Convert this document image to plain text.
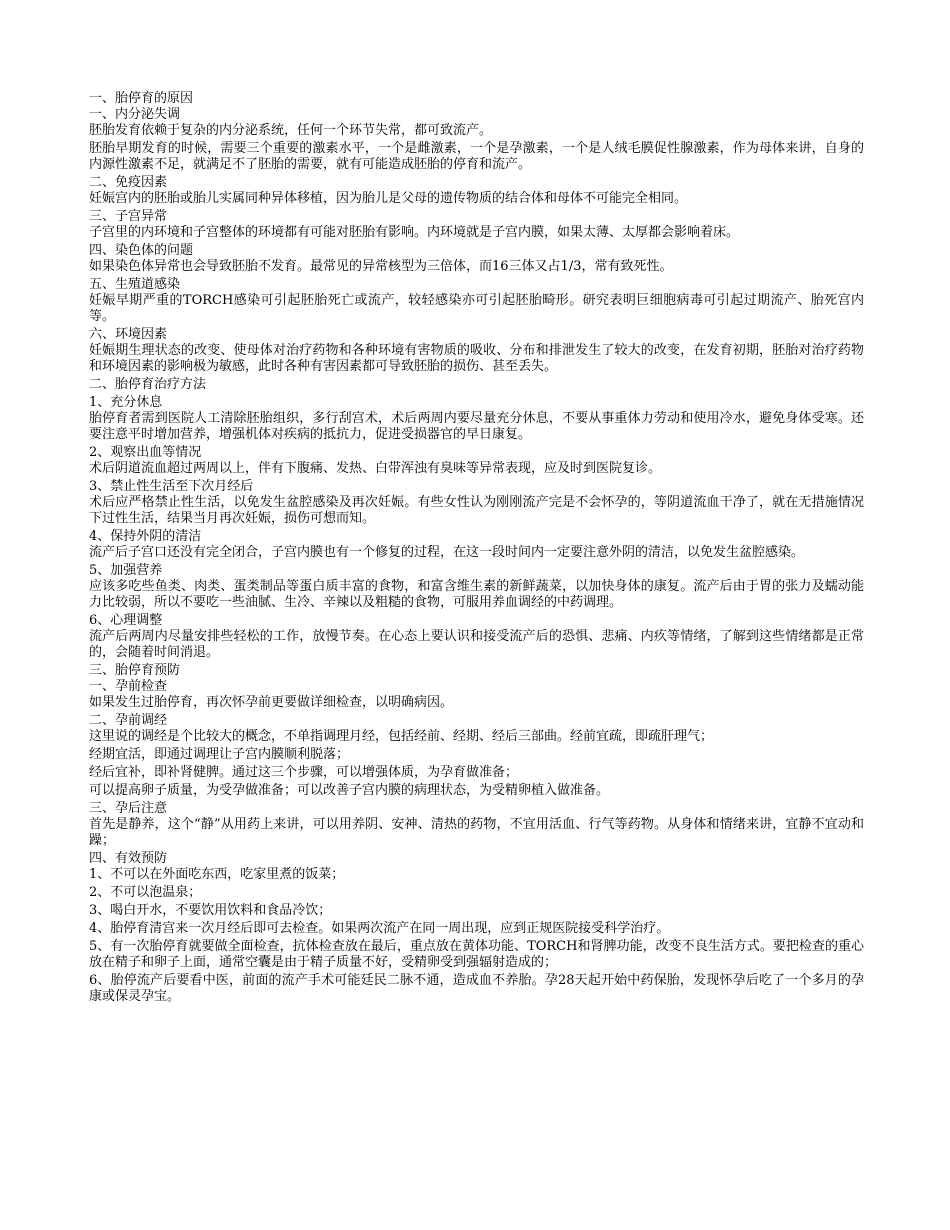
一、胎停育的原因
一、内分泌失调
胚胎发育依赖于复杂的内分泌系统，任何一个环节失常，都可致流产。
胚胎早期发育的时候，需要三个重要的激素水平，一个是雌激素，一个是孕激素，一个是人绒毛膜促性腺激素，作为母体来讲，自身的内源性激素不足，就满足不了胚胎的需要，就有可能造成胚胎的停育和流产。
二、免疫因素
妊娠宫内的胚胎或胎儿实属同种异体移植，因为胎儿是父母的遗传物质的结合体和母体不可能完全相同。
三、子宫异常
子宫里的内环境和子宫整体的环境都有可能对胚胎有影响。内环境就是子宫内膜，如果太薄、太厚都会影响着床。
四、染色体的问题
如果染色体异常也会导致胚胎不发育。最常见的异常核型为三倍体，而16三体又占1/3，常有致死性。
五、生殖道感染
妊娠早期严重的TORCH感染可引起胚胎死亡或流产，较轻感染亦可引起胚胎畸形。研究表明巨细胞病毒可引起过期流产、胎死宫内等。
六、环境因素
妊娠期生理状态的改变、使母体对治疗药物和各种环境有害物质的吸收、分布和排泄发生了较大的改变，在发育初期，胚胎对治疗药物和环境因素的影响极为敏感，此时各种有害因素都可导致胚胎的损伤、甚至丢失。
二、胎停育治疗方法
1、充分休息
胎停育者需到医院人工清除胚胎组织，多行刮宫术，术后两周内要尽量充分休息，不要从事重体力劳动和使用冷水，避免身体受寒。还要注意平时增加营养，增强机体对疾病的抵抗力，促进受损器官的早日康复。
2、观察出血等情况
术后阴道流血超过两周以上，伴有下腹痛、发热、白带浑浊有臭味等异常表现，应及时到医院复诊。
3、禁止性生活至下次月经后
术后应严格禁止性生活，以免发生盆腔感染及再次妊娠。有些女性认为刚刚流产完是不会怀孕的，等阴道流血干净了，就在无措施情况下过性生活，结果当月再次妊娠，损伤可想而知。
4、保持外阴的清洁
流产后子宫口还没有完全闭合，子宫内膜也有一个修复的过程，在这一段时间内一定要注意外阴的清洁，以免发生盆腔感染。
5、加强营养
应该多吃些鱼类、肉类、蛋类制品等蛋白质丰富的食物，和富含维生素的新鲜蔬菜，以加快身体的康复。流产后由于胃的张力及蠕动能力比较弱，所以不要吃一些油腻、生冷、辛辣以及粗糙的食物，可服用养血调经的中药调理。
6、心理调整
流产后两周内尽量安排些轻松的工作，放慢节奏。在心态上要认识和接受流产后的恐惧、悲痛、内疚等情绪，了解到这些情绪都是正常的，会随着时间消退。
三、胎停育预防
一、孕前检查
如果发生过胎停育，再次怀孕前更要做详细检查，以明确病因。
二、孕前调经
这里说的调经是个比较大的概念，不单指调理月经，包括经前、经期、经后三部曲。经前宜疏，即疏肝理气；
经期宜活，即通过调理让子宫内膜顺利脱落；
经后宜补，即补肾健脾。通过这三个步骤，可以增强体质，为孕育做准备；
可以提高卵子质量，为受孕做准备；可以改善子宫内膜的病理状态，为受精卵植入做准备。
三、孕后注意
首先是静养，这个“静”从用药上来讲，可以用养阴、安神、清热的药物，不宜用活血、行气等药物。从身体和情绪来讲，宜静不宜动和躁；
四、有效预防
1、不可以在外面吃东西，吃家里煮的饭菜；
2、不可以泡温泉；
3、喝白开水，不要饮用饮料和食品冷饮；
4、胎停育清宫来一次月经后即可去检查。如果两次流产在同一周出现，应到正规医院接受科学治疗。
5、有一次胎停育就要做全面检查，抗体检查放在最后，重点放在黄体功能、TORCH和肾脾功能，改变不良生活方式。要把检查的重心放在精子和卵子上面，通常空囊是由于精子质量不好，受精卵受到强辐射造成的；
6、胎停流产后要看中医，前面的流产手术可能廷民二脉不通，造成血不养胎。孕28天起开始中药保胎，发现怀孕后吃了一个多月的孕康或保灵孕宝。
